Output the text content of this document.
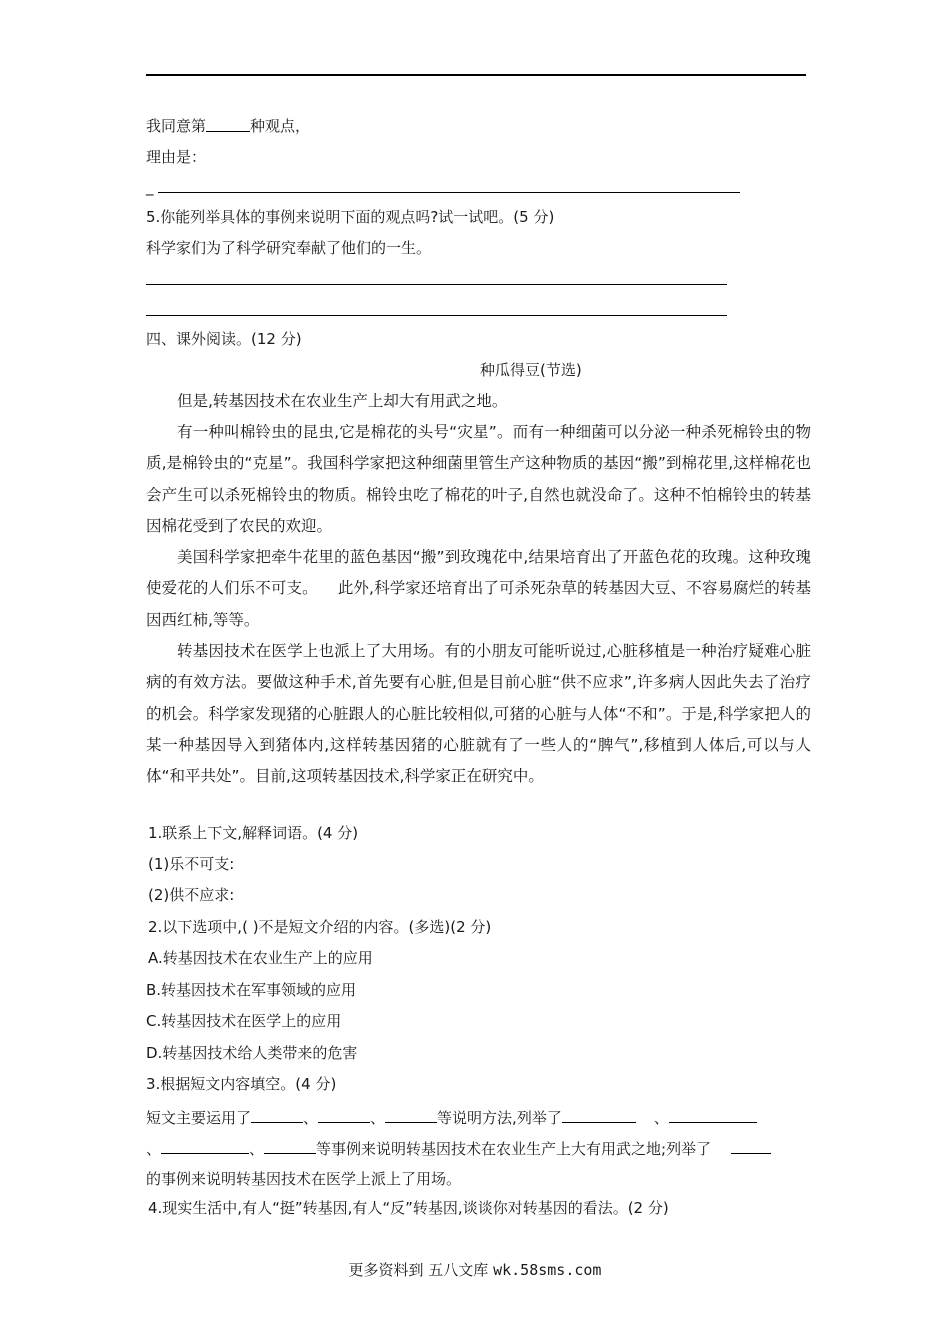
我同意第	种观点，
理由是：
_
5.你能列举具体的事例来说明下面的观点吗?试一试吧。(5 分)
科学家们为了科学研究奉献了他们的一生。
四、课外阅读。(12 分)
种瓜得豆(节选)
但是,转基因技术在农业生产上却大有用武之地。
有一种叫棉铃虫的昆虫,它是棉花的头号“灾星”。而有一种细菌可以分泌一种杀死棉铃虫的物质,是棉铃虫的“克星”。我国科学家把这种细菌里管生产这种物质的基因“搬”到棉花里,这样棉花也会产生可以杀死棉铃虫的物质。棉铃虫吃了棉花的叶子,自然也就没命了。这种不怕棉铃虫的转基因棉花受到了农民的欢迎。
美国科学家把牵牛花里的蓝色基因“搬”到玫瑰花中,结果培育出了开蓝色花的玫瑰。这种玫瑰使爱花的人们乐不可支。    此外,科学家还培育出了可杀死杂草的转基因大豆、不容易腐烂的转基因西红柿,等等。
转基因技术在医学上也派上了大用场。有的小朋友可能听说过,心脏移植是一种治疗疑难心脏病的有效方法。要做这种手术,首先要有心脏,但是目前心脏“供不应求”,许多病人因此失去了治疗的机会。科学家发现猪的心脏跟人的心脏比较相似,可猪的心脏与人体“不和”。于是,科学家把人的某一种基因导入到猪体内,这样转基因猪的心脏就有了一些人的“脾气”,移植到人体后,可以与人体“和平共处”。目前,这项转基因技术,科学家正在研究中。
1.联系上下文,解释词语。(4 分)
(1)乐不可支:
(2)供不应求:
2.以下选项中,( )不是短文介绍的内容。(多选)(2 分)
A.转基因技术在农业生产上的应用
B.转基因技术在军事领域的应用
C.转基因技术在医学上的应用
D.转基因技术给人类带来的危害
3.根据短文内容填空。(4 分)
短文主要运用了	、	、	等说明方法,列举了	、
、	、	等事例来说明转基因技术在农业生产上大有用武之地;列举了
的事例来说明转基因技术在医学上派上了用场。
4.现实生活中,有人“挺”转基因,有人“反”转基因,谈谈你对转基因的看法。(2 分)
更多资料到 五八文库 wk.58sms.com
